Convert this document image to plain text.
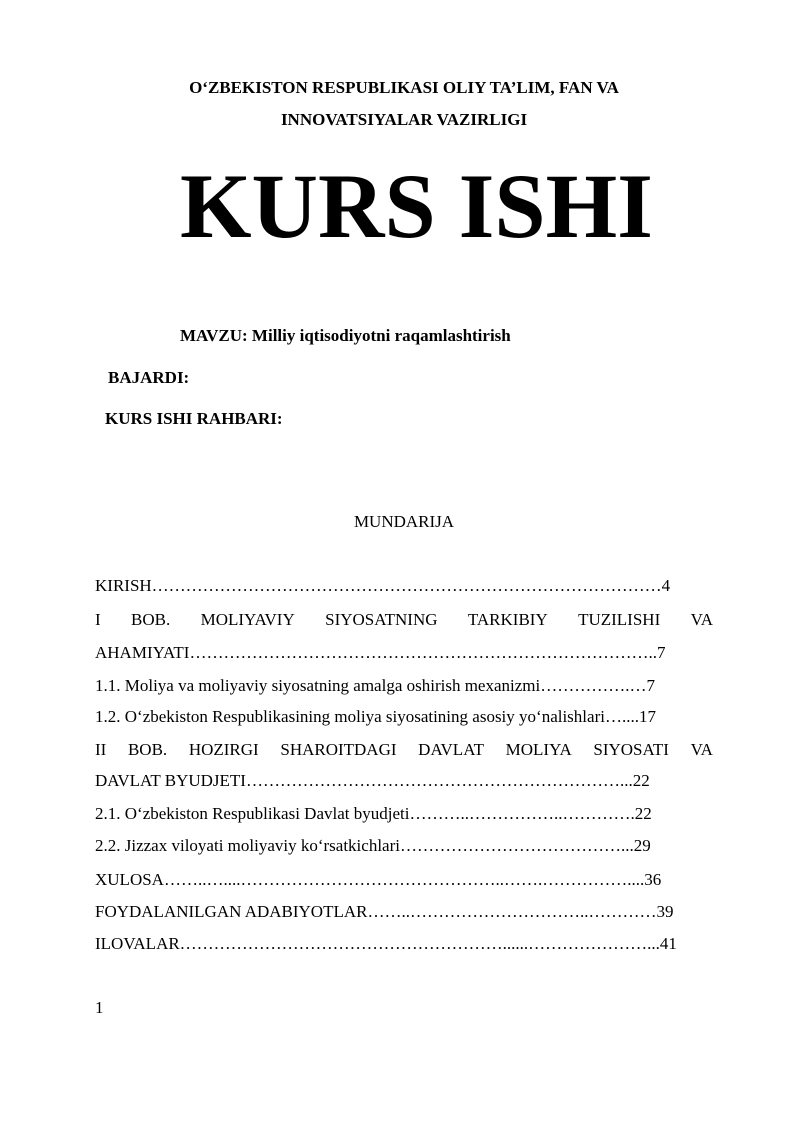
O‘ZBEKISTON RESPUBLIKASI OLIY TA’LIM, FAN VA
INNOVATSIYALAR VAZIRLIGI
KURS ISHI
MAVZU: Milliy iqtisodiyotni raqamlashtirish
BAJARDI:
KURS ISHI RAHBARI:
MUNDARIJA
KIRISH………………………………………………………………………………4
I BOB. MOLIYAVIY SIYOSATNING TARKIBIY TUZILISHI VA
AHAMIYATI………………………………………………………………………..7
1.1. Moliya va moliyaviy siyosatning amalga oshirish mexanizmi…………….…7
1.2. O‘zbekiston Respublikasining moliya siyosatining asosiy yo‘nalishlari…....17
II BOB. HOZIRGI SHAROITDAGI DAVLAT MOLIYA SIYOSATI VA
DAVLAT BYUDJETI…………………………………………………………...22
2.1. O‘zbekiston Respublikasi Davlat byudjeti………..……………..………….22
2.2. Jizzax viloyati moliyaviy ko‘rsatkichlari…………………………………...29
XULOSA……..…....………………………………………..…….……………....36
FOYDALANILGAN ADABIYOTLAR……..…………………………..…………39
ILOVALAR…………………………………………………......…………………...41
1
